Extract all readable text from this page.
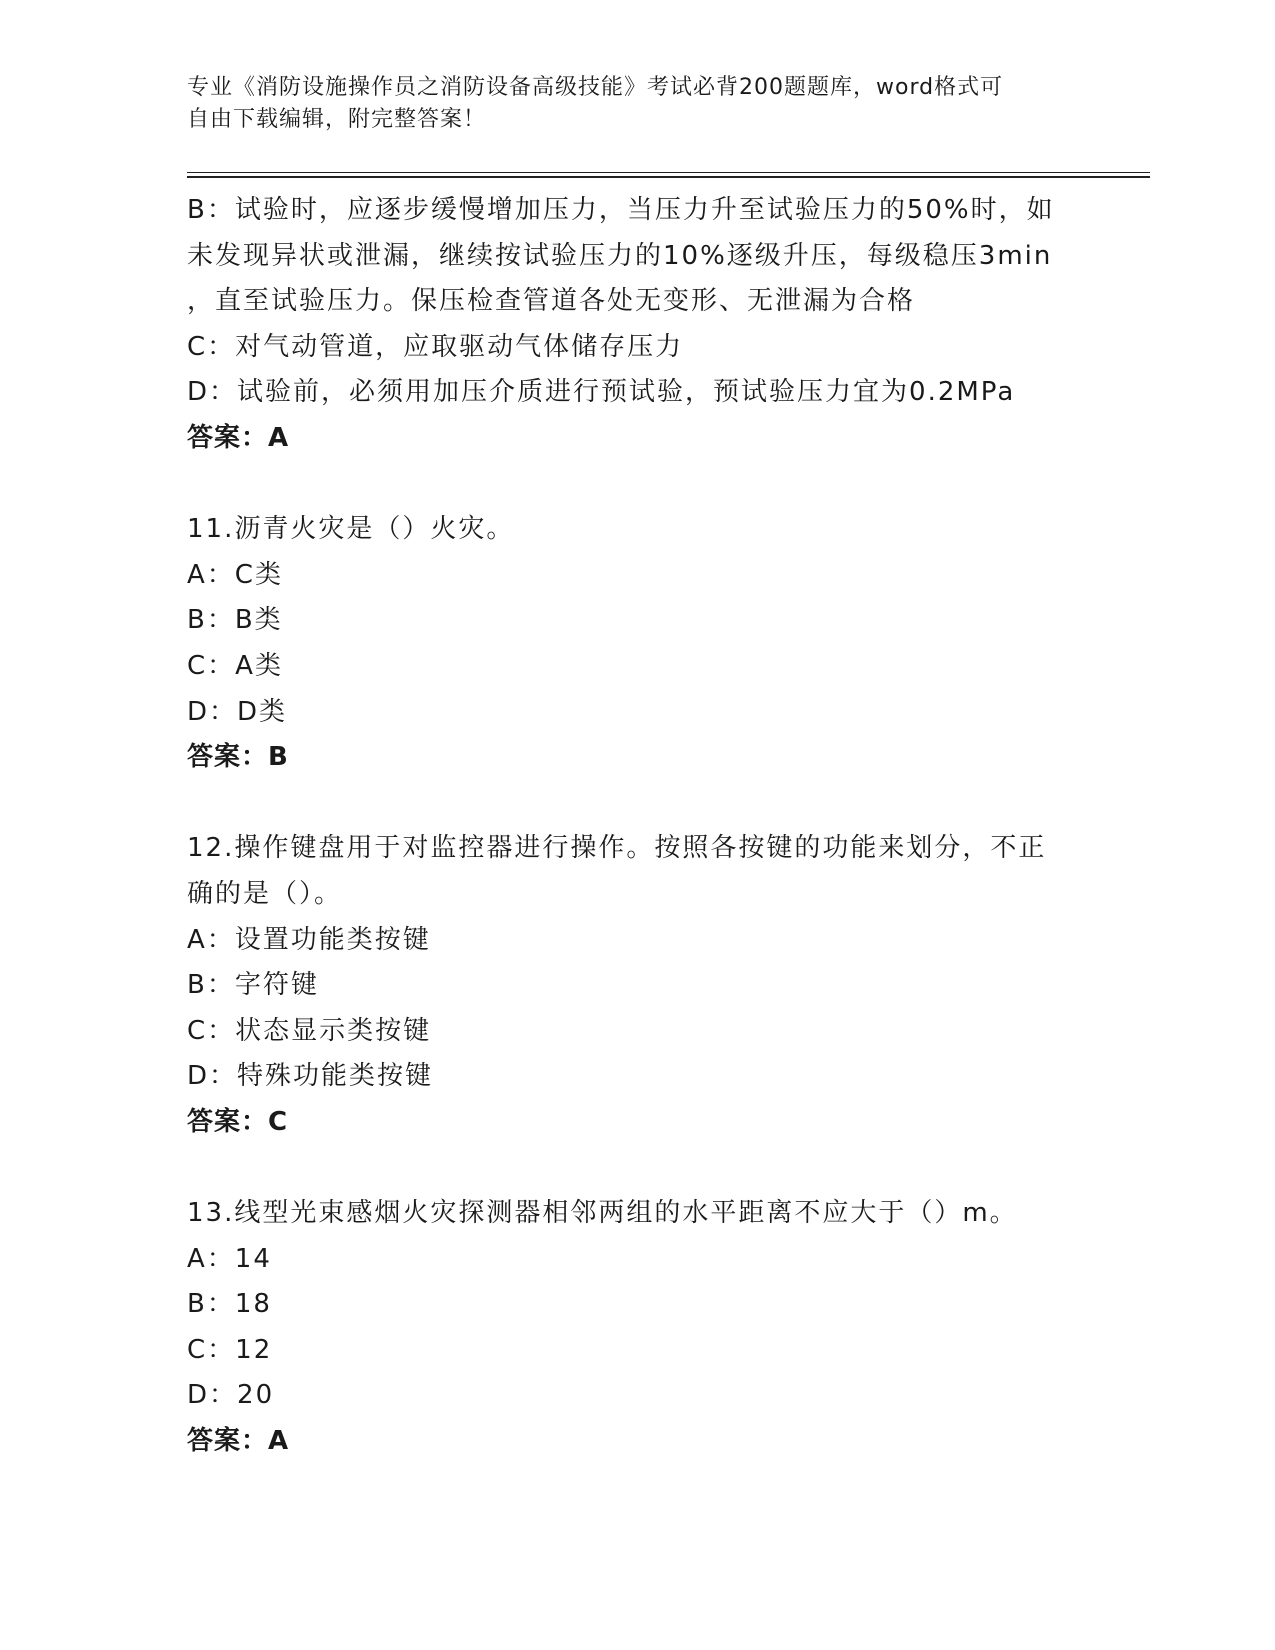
专业《消防设施操作员之消防设备高级技能》考试必背200题题库，word格式可
自由下载编辑，附完整答案！
B：试验时，应逐步缓慢增加压力，当压力升至试验压力的50%时，如
未发现异状或泄漏，继续按试验压力的10%逐级升压，每级稳压3min
，直至试验压力。保压检查管道各处无变形、无泄漏为合格
C：对气动管道，应取驱动气体储存压力
D：试验前，必须用加压介质进行预试验，预试验压力宜为0.2MPa
答案：A
11.沥青火灾是（）火灾。
A：C类
B：B类
C：A类
D：D类
答案：B
12.操作键盘用于对监控器进行操作。按照各按键的功能来划分，不正
确的是（）。
A：设置功能类按键
B：字符键
C：状态显示类按键
D：特殊功能类按键
答案：C
13.线型光束感烟火灾探测器相邻两组的水平距离不应大于（）m。
A：14
B：18
C：12
D：20
答案：A
